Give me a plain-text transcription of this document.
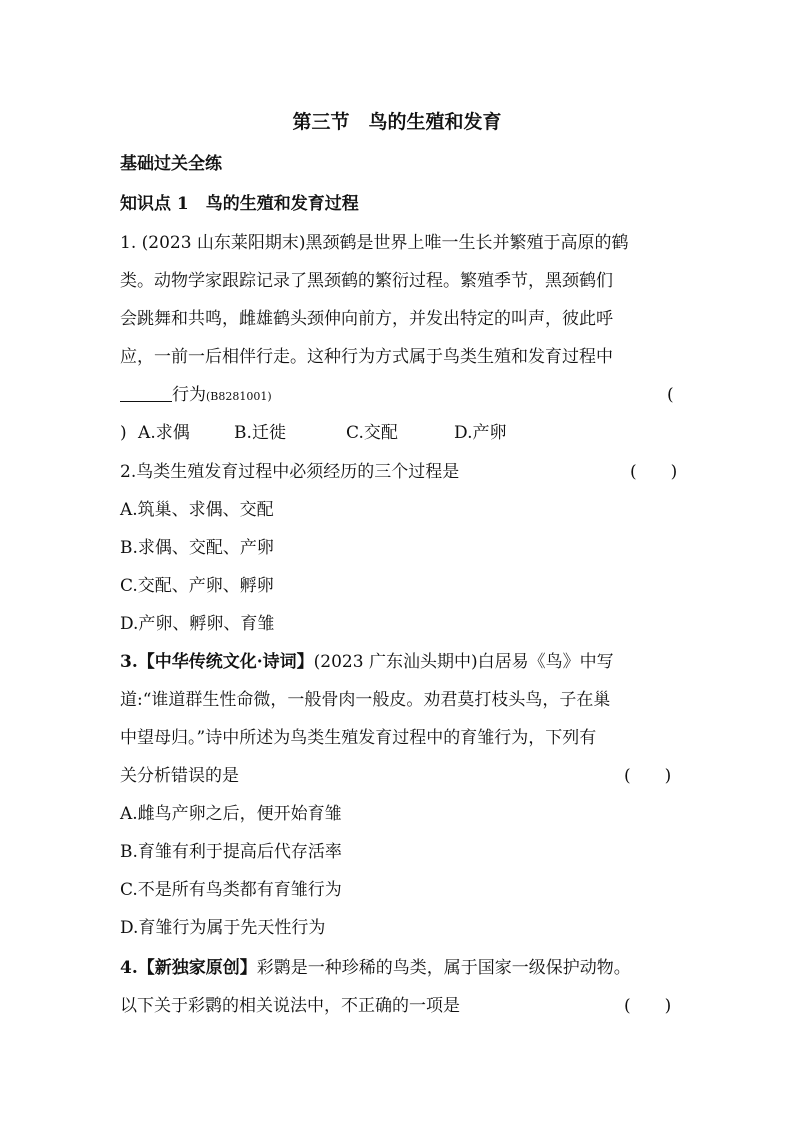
第三节　鸟的生殖和发育
基础过关全练
知识点 1　鸟的生殖和发育过程
1. (2023 山东莱阳期末)黑颈鹤是世界上唯一生长并繁殖于高原的鹤
类。动物学家跟踪记录了黑颈鹤的繁衍过程。繁殖季节，黑颈鹤们
会跳舞和共鸣，雌雄鹤头颈伸向前方，并发出特定的叫声，彼此呼
应，一前一后相伴行走。这种行为方式属于鸟类生殖和发育过程中
行为(B8281001)	(
) A.求偶	B.迁徙	C.交配	D.产卵
2.鸟类生殖发育过程中必须经历的三个过程是	(　　)
A.筑巢、求偶、交配
B.求偶、交配、产卵
C.交配、产卵、孵卵
D.产卵、孵卵、育雏
3.【中华传统文化·诗词】(2023 广东汕头期中)白居易《鸟》中写
道:“谁道群生性命微，一般骨肉一般皮。劝君莫打枝头鸟，子在巢
中望母归。”诗中所述为鸟类生殖发育过程中的育雏行为，下列有
关分析错误的是	(　　)
A.雌鸟产卵之后，便开始育雏
B.育雏有利于提高后代存活率
C.不是所有鸟类都有育雏行为
D.育雏行为属于先天性行为
4.【新独家原创】彩鹮是一种珍稀的鸟类，属于国家一级保护动物。
以下关于彩鹮的相关说法中，不正确的一项是	(　　)
